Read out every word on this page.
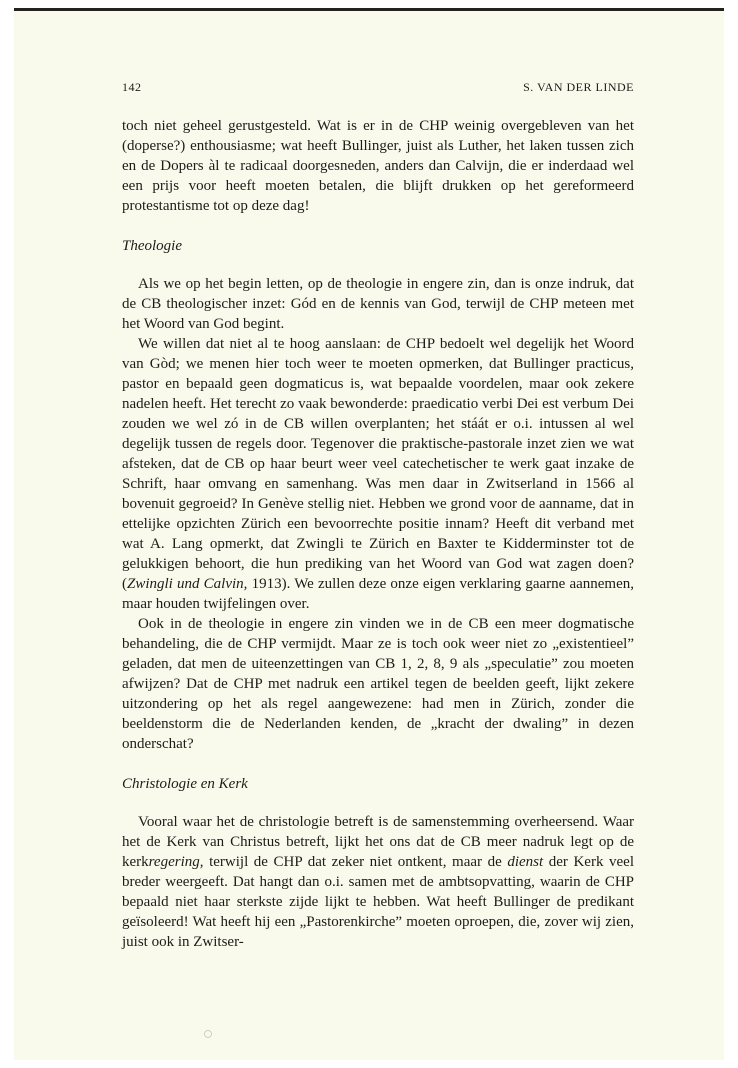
142	S. VAN DER LINDE

toch niet geheel gerustgesteld. Wat is er in de CHP weinig overgebleven van het (doperse?) enthousiasme; wat heeft Bullinger, juist als Luther, het laken tussen zich en de Dopers àl te radicaal doorgesneden, anders dan Calvijn, die er inderdaad wel een prijs voor heeft moeten betalen, die blijft drukken op het gereformeerd protestantisme tot op deze dag!

Theologie

Als we op het begin letten, op de theologie in engere zin, dan is onze indruk, dat de CB theologischer inzet: Gód en de kennis van God, terwijl de CHP meteen met het Woord van God begint.

We willen dat niet al te hoog aanslaan: de CHP bedoelt wel degelijk het Woord van Gòd; we menen hier toch weer te moeten opmerken, dat Bullinger practicus, pastor en bepaald geen dogmaticus is, wat bepaalde voordelen, maar ook zekere nadelen heeft. Het terecht zo vaak bewonderde: praedicatio verbi Dei est verbum Dei zouden we wel zó in de CB willen overplanten; het stáát er o.i. intussen al wel degelijk tussen de regels door. Tegenover die praktische-pastorale inzet zien we wat afsteken, dat de CB op haar beurt weer veel catechetischer te werk gaat inzake de Schrift, haar omvang en samenhang. Was men daar in Zwitserland in 1566 al bovenuit gegroeid? In Genève stellig niet. Hebben we grond voor de aanname, dat in ettelijke opzichten Zürich een bevoorrechte positie innam? Heeft dit verband met wat A. Lang opmerkt, dat Zwingli te Zürich en Baxter te Kidderminster tot de gelukkigen behoort, die hun prediking van het Woord van God wat zagen doen? (Zwingli und Calvin, 1913). We zullen deze onze eigen verklaring gaarne aannemen, maar houden twijfelingen over.

Ook in de theologie in engere zin vinden we in de CB een meer dogmatische behandeling, die de CHP vermijdt. Maar ze is toch ook weer niet zo „existentieel” geladen, dat men de uiteenzettingen van CB 1, 2, 8, 9 als „speculatie” zou moeten afwijzen? Dat de CHP met nadruk een artikel tegen de beelden geeft, lijkt zekere uitzondering op het als regel aangewezene: had men in Zürich, zonder die beeldenstorm die de Nederlanden kenden, de „kracht der dwaling” in dezen onderschat?

Christologie en Kerk

Vooral waar het de christologie betreft is de samenstemming overheersend. Waar het de Kerk van Christus betreft, lijkt het ons dat de CB meer nadruk legt op de kerkregering, terwijl de CHP dat zeker niet ontkent, maar de dienst der Kerk veel breder weergeeft. Dat hangt dan o.i. samen met de ambtsopvatting, waarin de CHP bepaald niet haar sterkste zijde lijkt te hebben. Wat heeft Bullinger de predikant geïsoleerd! Wat heeft hij een „Pastorenkirche” moeten oproepen, die, zover wij zien, juist ook in Zwitser-
